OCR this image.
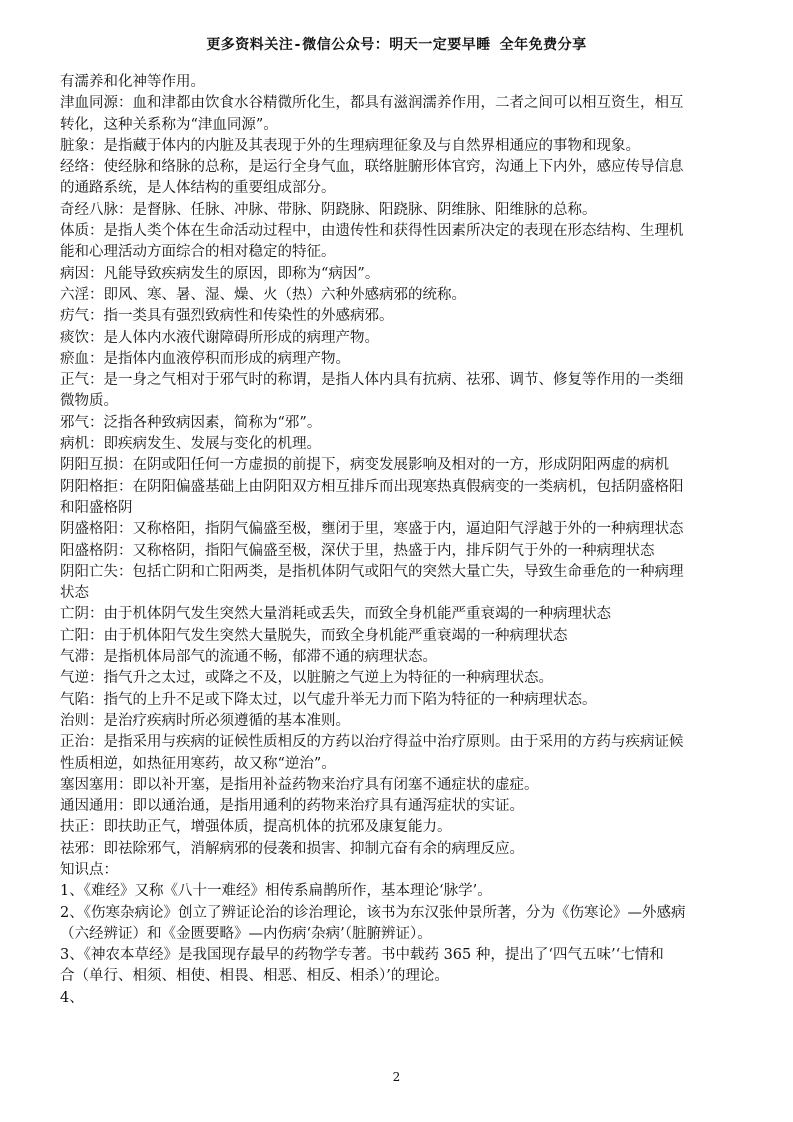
更多资料关注-微信公众号：明天一定要早睡 全年免费分享
有濡养和化神等作用。
津血同源：血和津都由饮食水谷精微所化生，都具有滋润濡养作用，二者之间可以相互资生，相互
转化，这种关系称为“津血同源”。
脏象：是指藏于体内的内脏及其表现于外的生理病理征象及与自然界相通应的事物和现象。
经络：使经脉和络脉的总称，是运行全身气血，联络脏腑形体官窍，沟通上下内外，感应传导信息
的通路系统，是人体结构的重要组成部分。
奇经八脉：是督脉、任脉、冲脉、带脉、阴跷脉、阳跷脉、阴维脉、阳维脉的总称。
体质：是指人类个体在生命活动过程中，由遗传性和获得性因素所决定的表现在形态结构、生理机
能和心理活动方面综合的相对稳定的特征。
病因：凡能导致疾病发生的原因，即称为“病因”。
六淫：即风、寒、暑、湿、燥、火（热）六种外感病邪的统称。
疠气：指一类具有强烈致病性和传染性的外感病邪。
痰饮：是人体内水液代谢障碍所形成的病理产物。
瘀血：是指体内血液停积而形成的病理产物。
正气：是一身之气相对于邪气时的称谓，是指人体内具有抗病、祛邪、调节、修复等作用的一类细
微物质。
邪气：泛指各种致病因素，简称为“邪”。
病机：即疾病发生、发展与变化的机理。
阴阳互损：在阴或阳任何一方虚损的前提下，病变发展影响及相对的一方，形成阴阳两虚的病机
阴阳格拒：在阴阳偏盛基础上由阴阳双方相互排斥而出现寒热真假病变的一类病机，包括阴盛格阳
和阳盛格阴
阴盛格阳：又称格阳，指阴气偏盛至极，壅闭于里，寒盛于内，逼迫阳气浮越于外的一种病理状态
阳盛格阴：又称格阴，指阳气偏盛至极，深伏于里，热盛于内，排斥阴气于外的一种病理状态
阴阳亡失：包括亡阴和亡阳两类，是指机体阴气或阳气的突然大量亡失，导致生命垂危的一种病理
状态
亡阴：由于机体阴气发生突然大量消耗或丢失，而致全身机能严重衰竭的一种病理状态
亡阳：由于机体阳气发生突然大量脱失，而致全身机能严重衰竭的一种病理状态
气滞：是指机体局部气的流通不畅，郁滞不通的病理状态。
气逆：指气升之太过，或降之不及，以脏腑之气逆上为特征的一种病理状态。
气陷：指气的上升不足或下降太过，以气虚升举无力而下陷为特征的一种病理状态。
治则：是治疗疾病时所必须遵循的基本准则。
正治：是指采用与疾病的证候性质相反的方药以治疗得益中治疗原则。由于采用的方药与疾病证候
性质相逆，如热征用寒药，故又称“逆治”。
塞因塞用：即以补开塞，是指用补益药物来治疗具有闭塞不通症状的虚症。
通因通用：即以通治通，是指用通利的药物来治疗具有通泻症状的实证。
扶正：即扶助正气，增强体质，提高机体的抗邪及康复能力。
祛邪：即祛除邪气，消解病邪的侵袭和损害、抑制亢奋有余的病理反应。
知识点：
1、《难经》又称《八十一难经》相传系扁鹊所作，基本理论‘脉学’。
2、《伤寒杂病论》创立了辨证论治的诊治理论，该书为东汉张仲景所著，分为《伤寒论》—外感病
（六经辨证）和《金匮要略》—内伤病‘杂病’（脏腑辨证）。
3、《神农本草经》是我国现存最早的药物学专著。书中载药 365 种，提出了‘四气五味’‘七情和
合（单行、相须、相使、相畏、相恶、相反、相杀）’的理论。
4、
2
